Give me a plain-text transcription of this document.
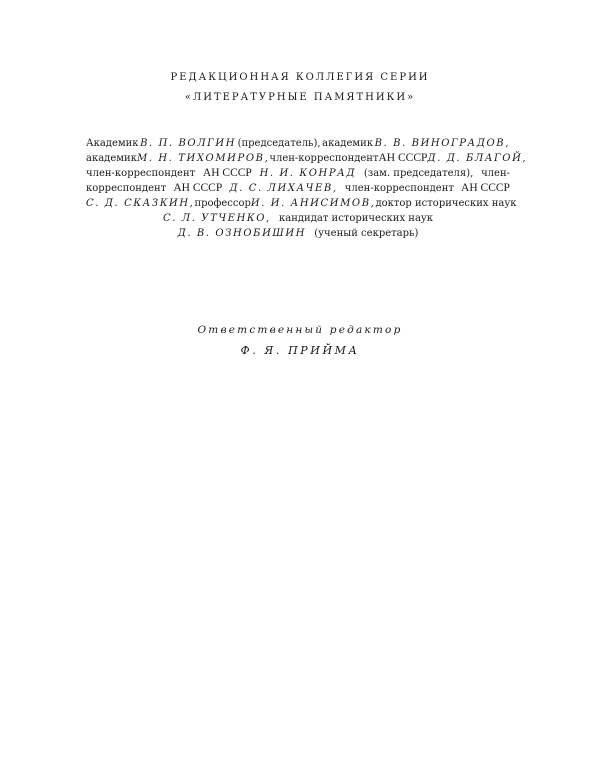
РЕДАКЦИОННАЯ КОЛЛЕГИЯ СЕРИИ
«ЛИТЕРАТУРНЫЕ ПАМЯТНИКИ»
Академик В. П. ВОЛГИН (председатель), академик В. В. ВИНОГРАДОВ,
академик М. Н. ТИХОМИРОВ, член-корреспондент АН СССР Д. Д. БЛАГОЙ,
член-корреспондент АН СССР Н. И. КОНРАД (зам. председателя), член-
корреспондент АН СССР Д. С. ЛИХАЧЕВ, член-корреспондент АН СССР
С. Д. СКАЗКИН, профессор И. И. АНИСИМОВ, доктор исторических наук
С. Л. УТЧЕНКО, кандидат исторических наук
Д. В. ОЗНОБИШИН (ученый секретарь)
Ответственный редактор
Ф. Я. ПРИЙМА
